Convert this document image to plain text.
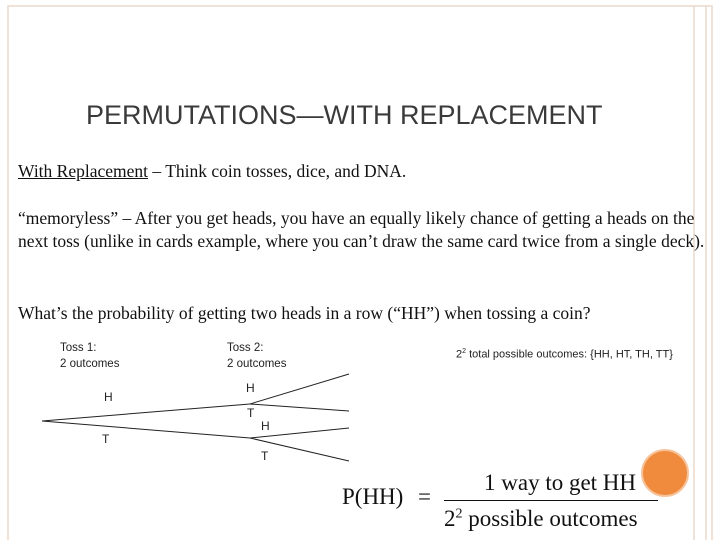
PERMUTATIONS—WITH REPLACEMENT
With Replacement – Think coin tosses, dice, and DNA.
“memoryless” – After you get heads, you have an equally likely chance of getting a heads on the next toss (unlike in cards example, where you can’t draw the same card twice from a single deck).
What’s the probability of getting two heads in a row (“HH”) when tossing a coin?
Toss 1:
2 outcomes
Toss 2:
2 outcomes
$2^2$ total possible outcomes: {HH, HT, TH, TT}
H
T
H
T
H
T
P(HH) =
1 way to get HH
$2^2$ possible outcomes
